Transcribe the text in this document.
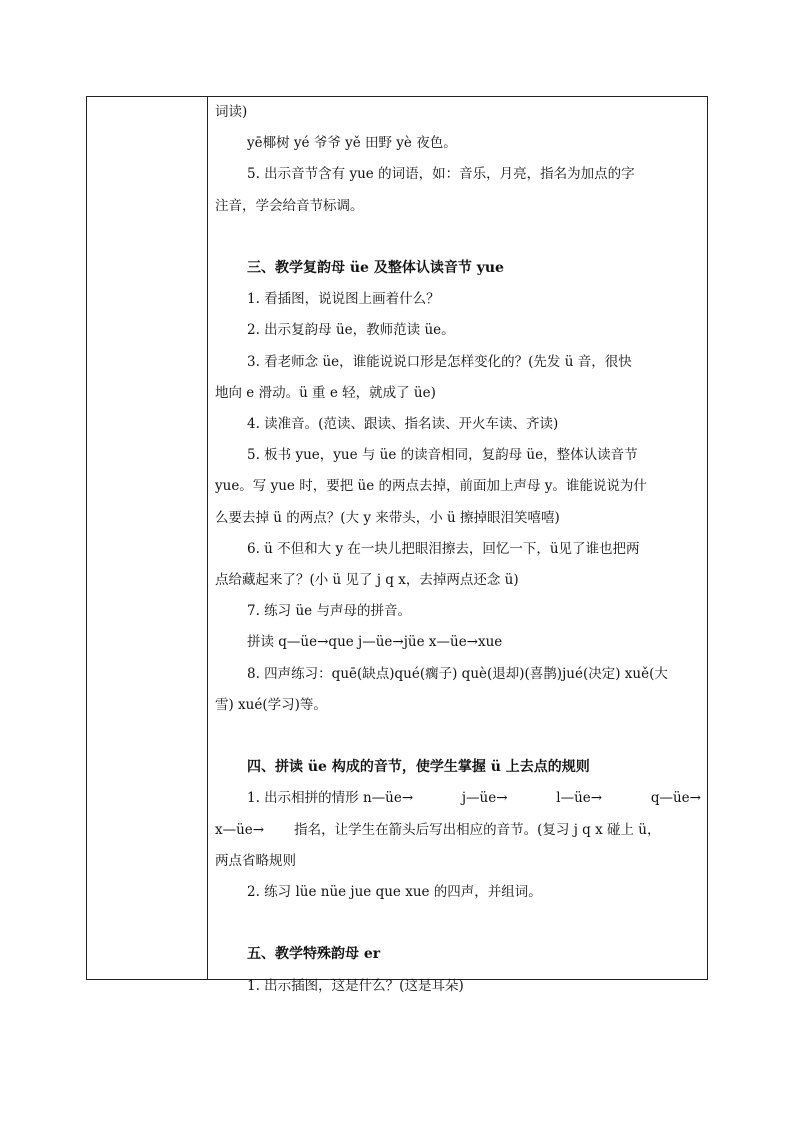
词读)
yē椰树 yé 爷爷 yě 田野 yè 夜色。
5. 出示音节含有 yue 的词语，如：音乐，月亮，指名为加点的字
注音，学会给音节标调。
三、教学复韵母 üe 及整体认读音节 yue
1. 看插图，说说图上画着什么？
2. 出示复韵母 üe，教师范读 üe。
3. 看老师念 üe，谁能说说口形是怎样变化的？(先发 ü 音，很快
地向 e 滑动。ü 重 e 轻，就成了 üe)
4. 读准音。(范读、跟读、指名读、开火车读、齐读)
5. 板书 yue，yue 与 üe 的读音相同，复韵母 üe，整体认读音节
yue。写 yue 时，要把 üe 的两点去掉，前面加上声母 y。谁能说说为什
么要去掉 ü 的两点？(大 y 来带头，小 ü 擦掉眼泪笑嘻嘻)
6. ü 不但和大 y 在一块儿把眼泪擦去，回忆一下，ü见了谁也把两
点给藏起来了？(小 ü 见了 j q x，去掉两点还念 ü)
7. 练习 üe 与声母的拼音。
拼读 q—üe→que j—üe→jüe x—üe→xue
8. 四声练习：quē(缺点)qué(瘸子) què(退却)(喜鹊)jué(决定) xuě(大
雪) xué(学习)等。
四、拼读 üe 构成的音节，使学生掌握 ü 上去点的规则
1. 出示相拼的情形 n—üe→	j—üe→	l—üe→	q—üe→
x—üe→       指名，让学生在箭头后写出相应的音节。(复习 j q x 碰上 ü，
两点省略规则
2. 练习 lüe nüe jue que xue 的四声，并组词。
五、教学特殊韵母 er
1. 出示插图，这是什么？(这是耳朵)
